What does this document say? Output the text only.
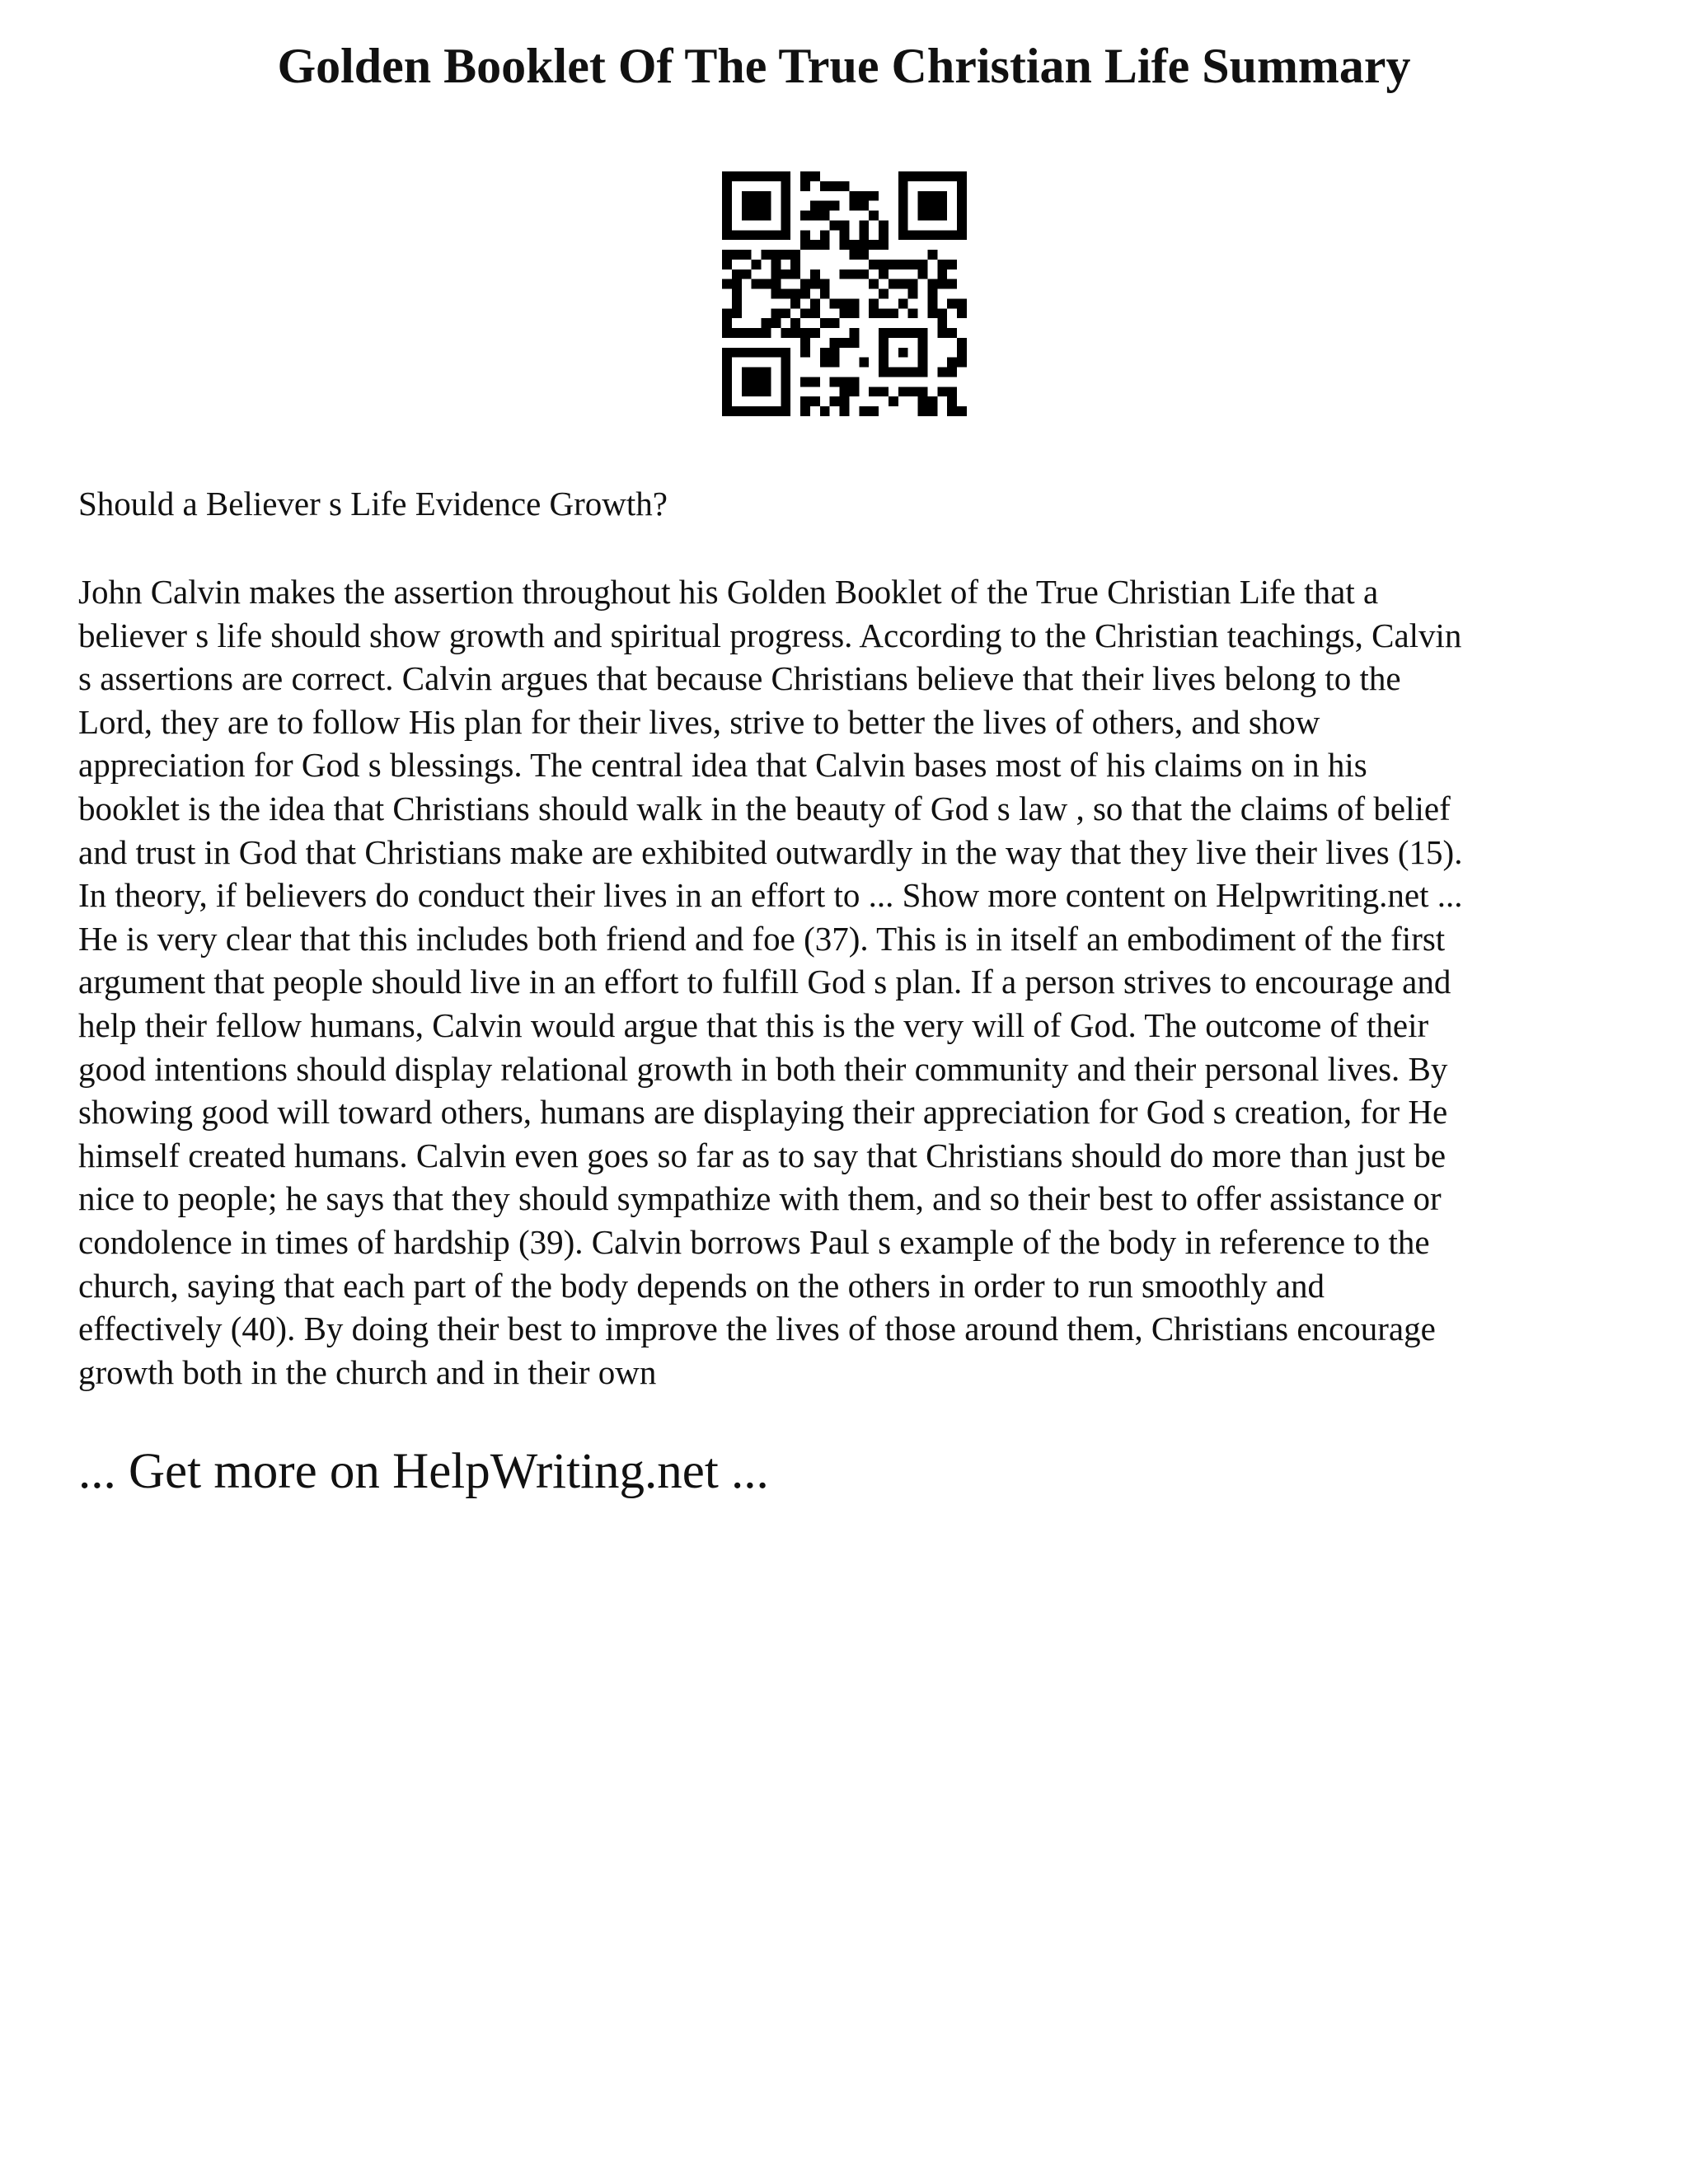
Golden Booklet Of The True Christian Life Summary

Should a Believer s Life Evidence Growth?

John Calvin makes the assertion throughout his Golden Booklet of the True Christian Life that a
believer s life should show growth and spiritual progress. According to the Christian teachings, Calvin
s assertions are correct. Calvin argues that because Christians believe that their lives belong to the
Lord, they are to follow His plan for their lives, strive to better the lives of others, and show
appreciation for God s blessings. The central idea that Calvin bases most of his claims on in his
booklet is the idea that Christians should walk in the beauty of God s law , so that the claims of belief
and trust in God that Christians make are exhibited outwardly in the way that they live their lives (15).
In theory, if believers do conduct their lives in an effort to ... Show more content on Helpwriting.net ...
He is very clear that this includes both friend and foe (37). This is in itself an embodiment of the first
argument that people should live in an effort to fulfill God s plan. If a person strives to encourage and
help their fellow humans, Calvin would argue that this is the very will of God. The outcome of their
good intentions should display relational growth in both their community and their personal lives. By
showing good will toward others, humans are displaying their appreciation for God s creation, for He
himself created humans. Calvin even goes so far as to say that Christians should do more than just be
nice to people; he says that they should sympathize with them, and so their best to offer assistance or
condolence in times of hardship (39). Calvin borrows Paul s example of the body in reference to the
church, saying that each part of the body depends on the others in order to run smoothly and
effectively (40). By doing their best to improve the lives of those around them, Christians encourage
growth both in the church and in their own
... Get more on HelpWriting.net ...
